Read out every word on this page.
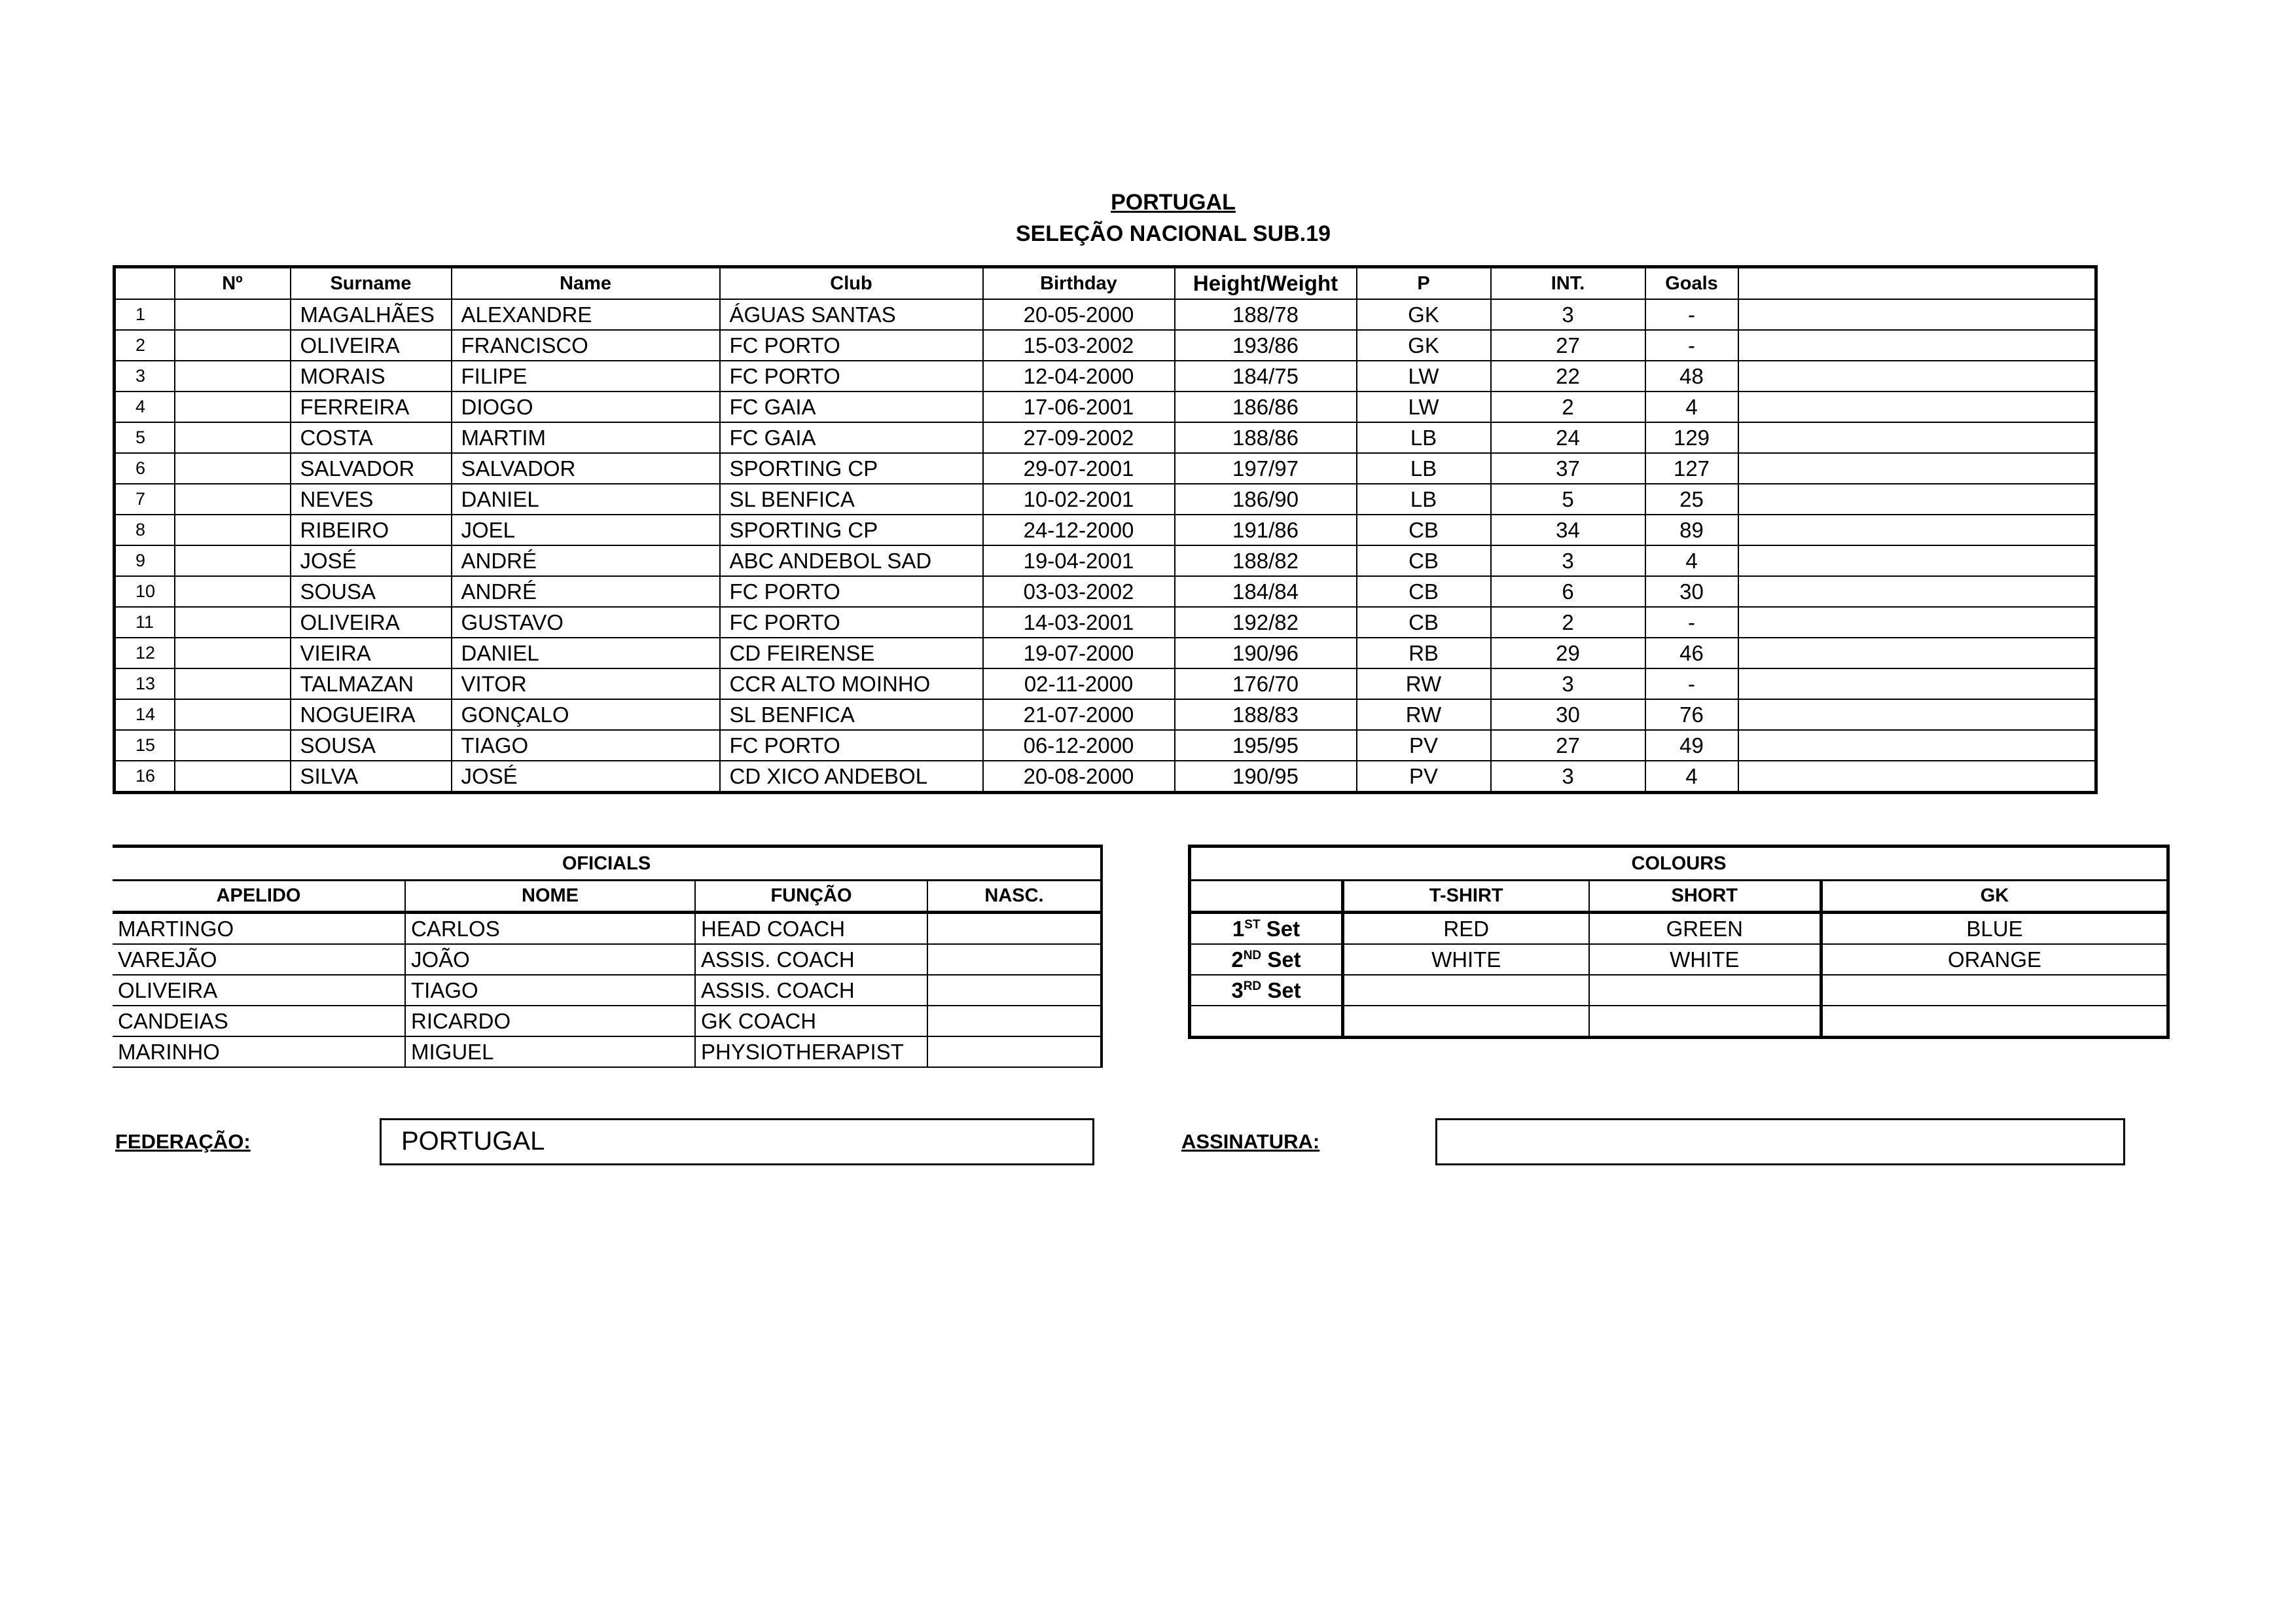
PORTUGAL
SELEÇÃO NACIONAL SUB.19
	Nº	Surname	Name	Club	Birthday	Height/Weight	P	INT.	Goals	
1		MAGALHÃES	ALEXANDRE	ÁGUAS SANTAS	20-05-2000	188/78	GK	3	-	
2		OLIVEIRA	FRANCISCO	FC PORTO	15-03-2002	193/86	GK	27	-	
3		MORAIS	FILIPE	FC PORTO	12-04-2000	184/75	LW	22	48	
4		FERREIRA	DIOGO	FC GAIA	17-06-2001	186/86	LW	2	4	
5		COSTA	MARTIM	FC GAIA	27-09-2002	188/86	LB	24	129	
6		SALVADOR	SALVADOR	SPORTING CP	29-07-2001	197/97	LB	37	127	
7		NEVES	DANIEL	SL BENFICA	10-02-2001	186/90	LB	5	25	
8		RIBEIRO	JOEL	SPORTING CP	24-12-2000	191/86	CB	34	89	
9		JOSÉ	ANDRÉ	ABC ANDEBOL SAD	19-04-2001	188/82	CB	3	4	
10		SOUSA	ANDRÉ	FC PORTO	03-03-2002	184/84	CB	6	30	
11		OLIVEIRA	GUSTAVO	FC PORTO	14-03-2001	192/82	CB	2	-	
12		VIEIRA	DANIEL	CD FEIRENSE	19-07-2000	190/96	RB	29	46	
13		TALMAZAN	VITOR	CCR ALTO MOINHO	02-11-2000	176/70	RW	3	-	
14		NOGUEIRA	GONÇALO	SL BENFICA	21-07-2000	188/83	RW	30	76	
15		SOUSA	TIAGO	FC PORTO	06-12-2000	195/95	PV	27	49	
16		SILVA	JOSÉ	CD XICO ANDEBOL	20-08-2000	190/95	PV	3	4	
OFICIALS			
APELIDO	NOME	FUNÇÃO	NASC.
MARTINGO	CARLOS	HEAD COACH	
VAREJÃO	JOÃO	ASSIS. COACH	
OLIVEIRA	TIAGO	ASSIS. COACH	
CANDEIAS	RICARDO	GK COACH	
MARINHO	MIGUEL	PHYSIOTHERAPIST	
COLOURS			
	T-SHIRT	SHORT	GK
1ST Set	RED	GREEN	BLUE
2ND Set	WHITE	WHITE	ORANGE
3RD Set			

FEDERAÇÃO:	PORTUGAL	ASSINATURA:
